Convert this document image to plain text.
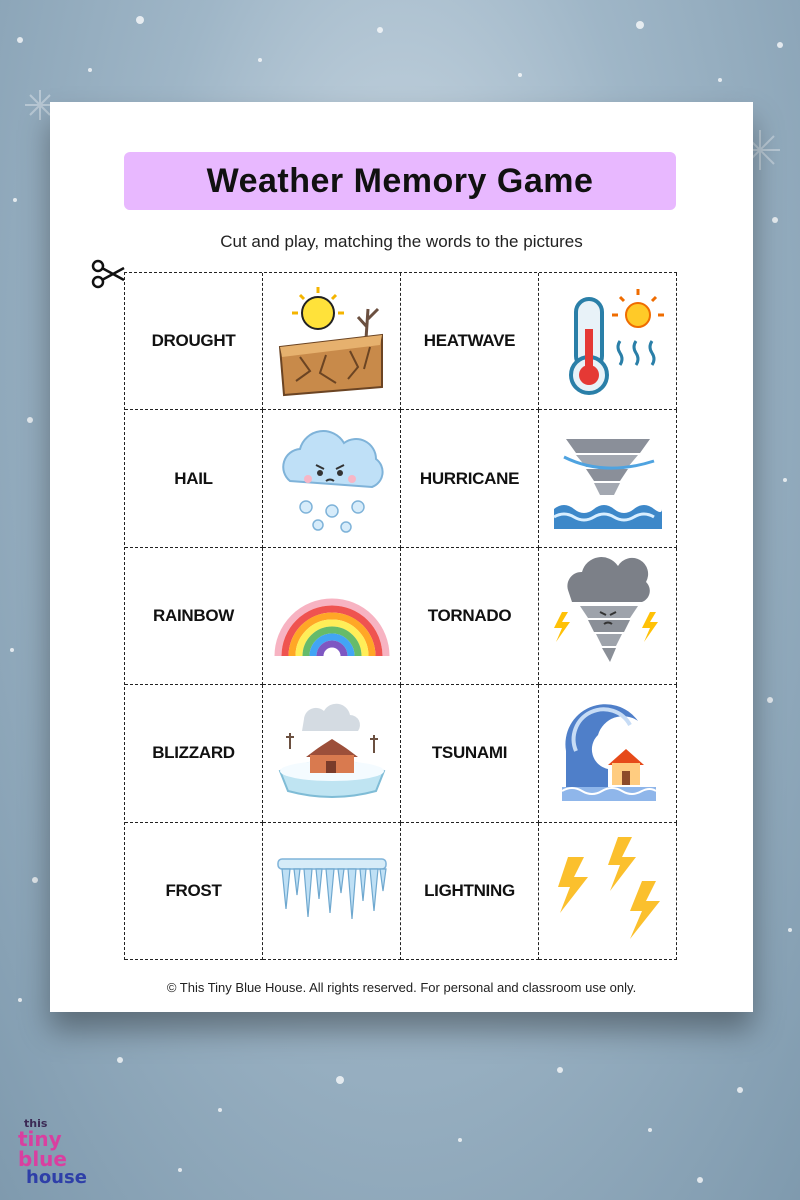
Weather Memory Game
Cut and play, matching the words to the pictures
DROUGHT	HEATWAVE
HAIL	HURRICANE
RAINBOW	TORNADO
BLIZZARD	TSUNAMI
FROST	LIGHTNING
© This Tiny Blue House. All rights reserved. For personal and classroom use only.
this
tiny blue
house
